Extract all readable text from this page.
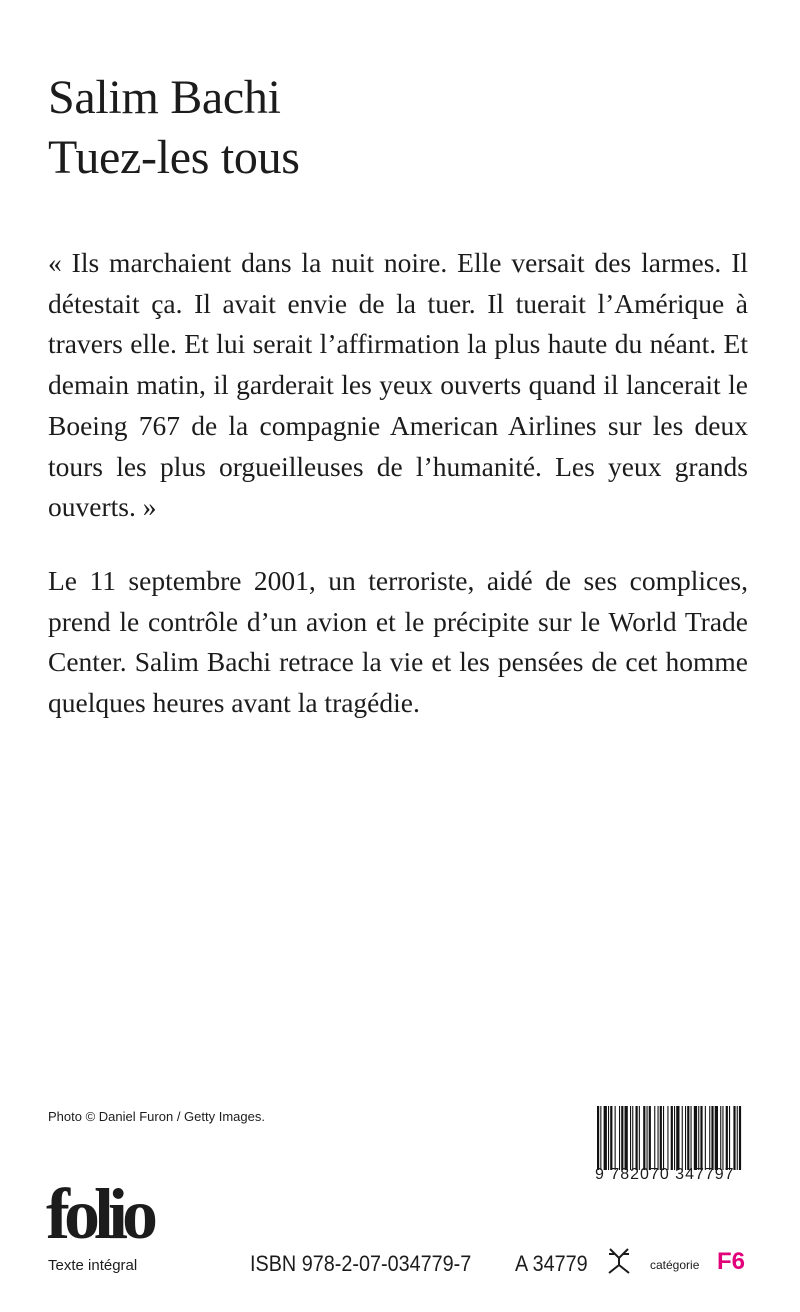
Salim Bachi
Tuez-les tous
« Ils marchaient dans la nuit noire. Elle versait des larmes. Il détestait ça. Il avait envie de la tuer. Il tuerait l’Amérique à travers elle. Et lui serait l’affirmation la plus haute du néant. Et demain matin, il garderait les yeux ouverts quand il lancerait le Boeing 767 de la compagnie American Airlines sur les deux tours les plus orgueilleuses de l’humanité. Les yeux grands ouverts. »
Le 11 septembre 2001, un terroriste, aidé de ses complices, prend le contrôle d’un avion et le précipite sur le World Trade Center. Salim Bachi retrace la vie et les pensées de cet homme quelques heures avant la tragédie.
Photo © Daniel Furon / Getty Images.
9 782070 347797
folio
Texte intégral	ISBN 978-2-07-034779-7 A 34779	catégorie F6
